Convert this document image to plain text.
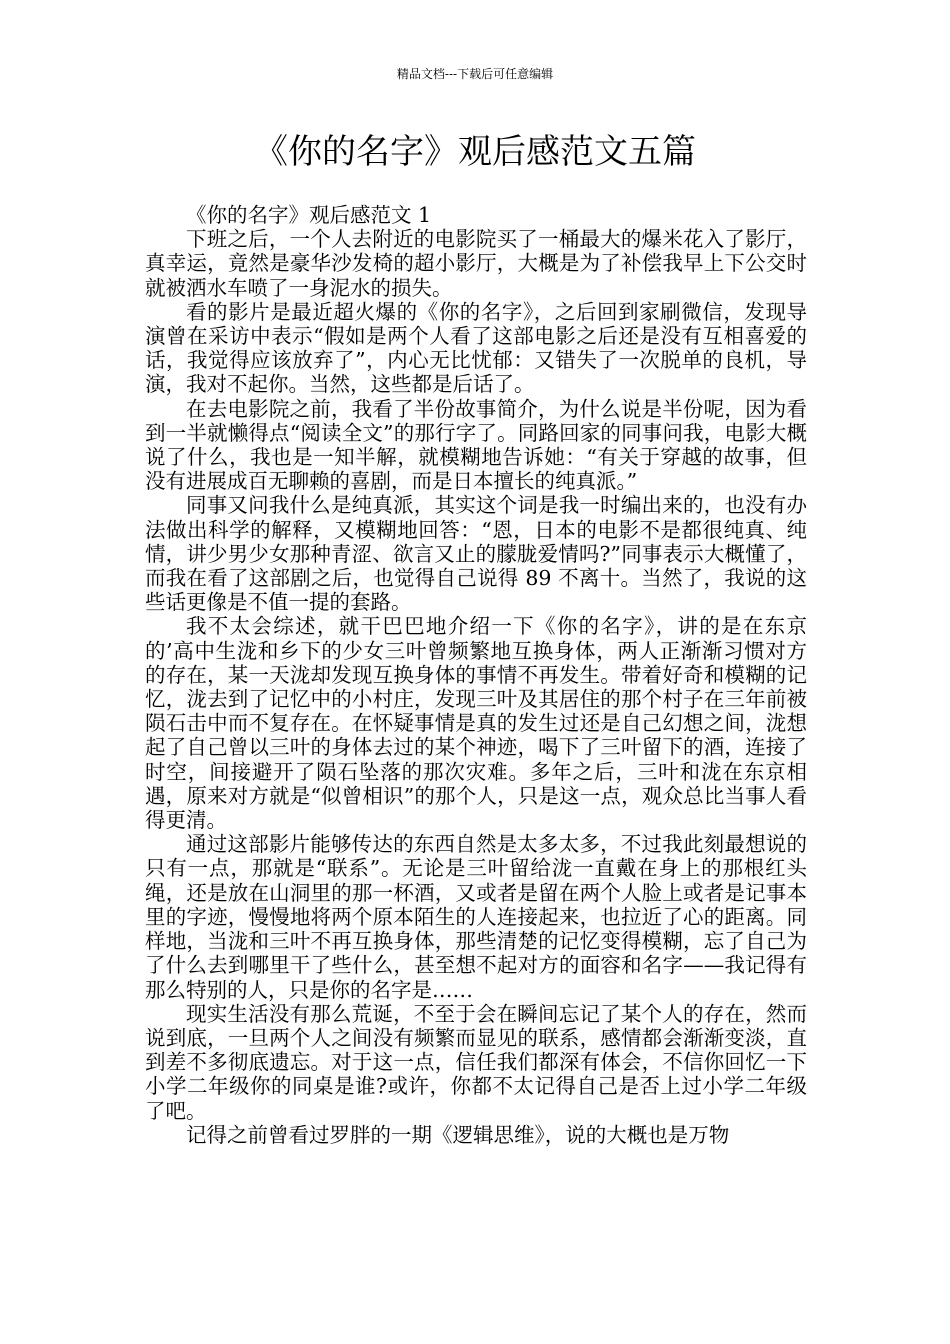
精品文档---下载后可任意编辑
《你的名字》观后感范文五篇

《你的名字》观后感范文 1

下班之后，一个人去附近的电影院买了一桶最大的爆米花入了影厅，真幸运，竟然是豪华沙发椅的超小影厅，大概是为了补偿我早上下公交时就被洒水车喷了一身泥水的损失。

看的影片是最近超火爆的《你的名字》，之后回到家刷微信，发现导演曾在采访中表示“假如是两个人看了这部电影之后还是没有互相喜爱的话，我觉得应该放弃了”，内心无比忧郁：又错失了一次脱单的良机，导演，我对不起你。当然，这些都是后话了。

在去电影院之前，我看了半份故事简介，为什么说是半份呢，因为看到一半就懒得点“阅读全文”的那行字了。同路回家的同事问我，电影大概说了什么，我也是一知半解，就模糊地告诉她：“有关于穿越的故事，但没有进展成百无聊赖的喜剧，而是日本擅长的纯真派。”

同事又问我什么是纯真派，其实这个词是我一时编出来的，也没有办法做出科学的解释，又模糊地回答：“恩，日本的电影不是都很纯真、纯情，讲少男少女那种青涩、欲言又止的朦胧爱情吗?”同事表示大概懂了，而我在看了这部剧之后，也觉得自己说得 89 不离十。当然了，我说的这些话更像是不值一提的套路。

我不太会综述，就干巴巴地介绍一下《你的名字》，讲的是在东京的’高中生泷和乡下的少女三叶曾频繁地互换身体，两人正渐渐习惯对方的存在，某一天泷却发现互换身体的事情不再发生。带着好奇和模糊的记忆，泷去到了记忆中的小村庄，发现三叶及其居住的那个村子在三年前被陨石击中而不复存在。在怀疑事情是真的发生过还是自己幻想之间，泷想起了自己曾以三叶的身体去过的某个神迹，喝下了三叶留下的酒，连接了时空，间接避开了陨石坠落的那次灾难。多年之后，三叶和泷在东京相遇，原来对方就是“似曾相识”的那个人，只是这一点，观众总比当事人看得更清。

通过这部影片能够传达的东西自然是太多太多，不过我此刻最想说的只有一点，那就是“联系”。无论是三叶留给泷一直戴在身上的那根红头绳，还是放在山洞里的那一杯酒，又或者是留在两个人脸上或者是记事本里的字迹，慢慢地将两个原本陌生的人连接起来，也拉近了心的距离。同样地，当泷和三叶不再互换身体，那些清楚的记忆变得模糊，忘了自己为了什么去到哪里干了些什么，甚至想不起对方的面容和名字——我记得有那么特别的人，只是你的名字是……

现实生活没有那么荒诞，不至于会在瞬间忘记了某个人的存在，然而说到底，一旦两个人之间没有频繁而显见的联系，感情都会渐渐变淡，直到差不多彻底遗忘。对于这一点，信任我们都深有体会，不信你回忆一下小学二年级你的同桌是谁?或许，你都不太记得自己是否上过小学二年级了吧。

记得之前曾看过罗胖的一期《逻辑思维》，说的大概也是万物
